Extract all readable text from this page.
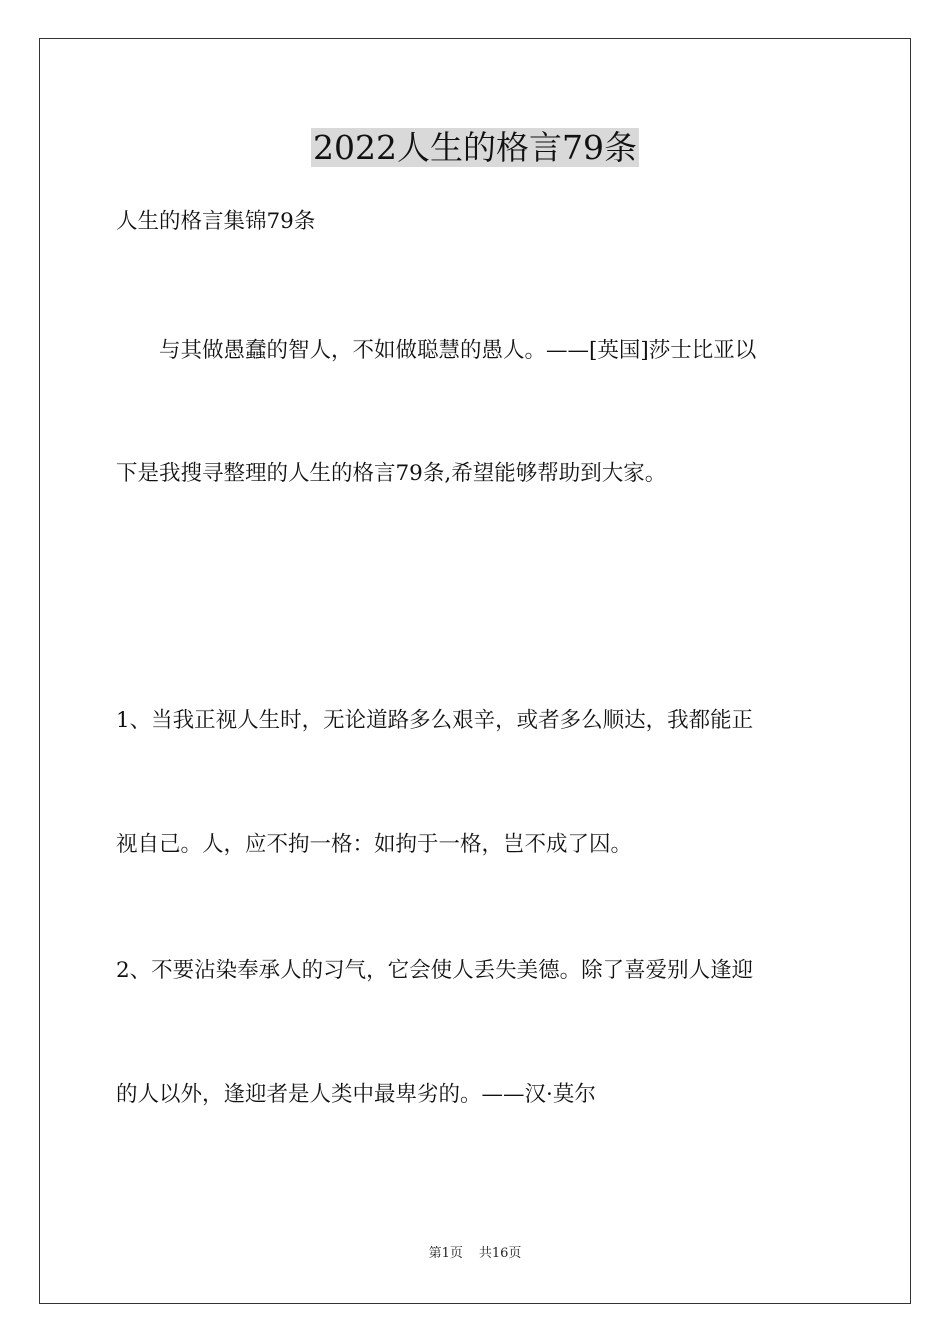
2022人生的格言79条

人生的格言集锦79条

　　与其做愚蠢的智人，不如做聪慧的愚人。——[英国]莎士比亚以

下是我搜寻整理的人生的格言79条,希望能够帮助到大家。

1、当我正视人生时，无论道路多么艰辛，或者多么顺达，我都能正

视自己。人，应不拘一格：如拘于一格，岂不成了囚。

2、不要沾染奉承人的习气，它会使人丢失美德。除了喜爱别人逢迎

的人以外，逢迎者是人类中最卑劣的。——汉·莫尔

第1页 共16页
